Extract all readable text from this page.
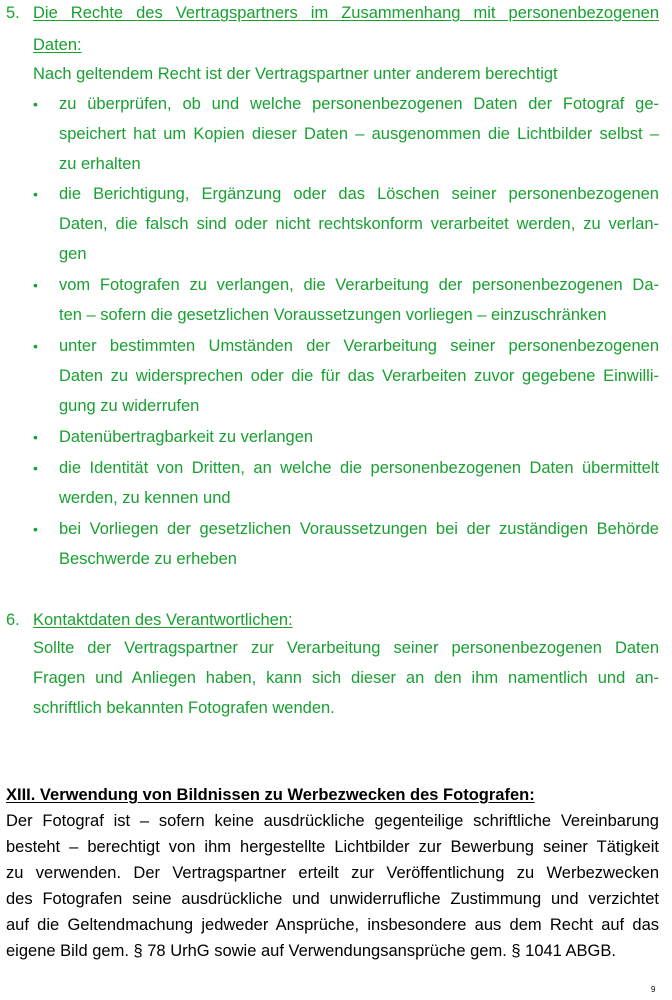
5. Die Rechte des Vertragspartners im Zusammenhang mit personenbezogenen
Daten:
Nach geltendem Recht ist der Vertragspartner unter anderem berechtigt
• zu überprüfen, ob und welche personenbezogenen Daten der Fotograf ge-
speichert hat um Kopien dieser Daten – ausgenommen die Lichtbilder selbst –
zu erhalten
• die Berichtigung, Ergänzung oder das Löschen seiner personenbezogenen
Daten, die falsch sind oder nicht rechtskonform verarbeitet werden, zu verlan-
gen
• vom Fotografen zu verlangen, die Verarbeitung der personenbezogenen Da-
ten – sofern die gesetzlichen Voraussetzungen vorliegen – einzuschränken
• unter bestimmten Umständen der Verarbeitung seiner personenbezogenen
Daten zu widersprechen oder die für das Verarbeiten zuvor gegebene Einwilli-
gung zu widerrufen
• Datenübertragbarkeit zu verlangen
• die Identität von Dritten, an welche die personenbezogenen Daten übermittelt
werden, zu kennen und
• bei Vorliegen der gesetzlichen Voraussetzungen bei der zuständigen Behörde
Beschwerde zu erheben
6. Kontaktdaten des Verantwortlichen:
Sollte der Vertragspartner zur Verarbeitung seiner personenbezogenen Daten
Fragen und Anliegen haben, kann sich dieser an den ihm namentlich und an-
schriftlich bekannten Fotografen wenden.
XIII. Verwendung von Bildnissen zu Werbezwecken des Fotografen:
Der Fotograf ist – sofern keine ausdrückliche gegenteilige schriftliche Vereinbarung
besteht – berechtigt von ihm hergestellte Lichtbilder zur Bewerbung seiner Tätigkeit
zu verwenden. Der Vertragspartner erteilt zur Veröffentlichung zu Werbezwecken
des Fotografen seine ausdrückliche und unwiderrufliche Zustimmung und verzichtet
auf die Geltendmachung jedweder Ansprüche, insbesondere aus dem Recht auf das
eigene Bild gem. § 78 UrhG sowie auf Verwendungsansprüche gem. § 1041 ABGB.
9
